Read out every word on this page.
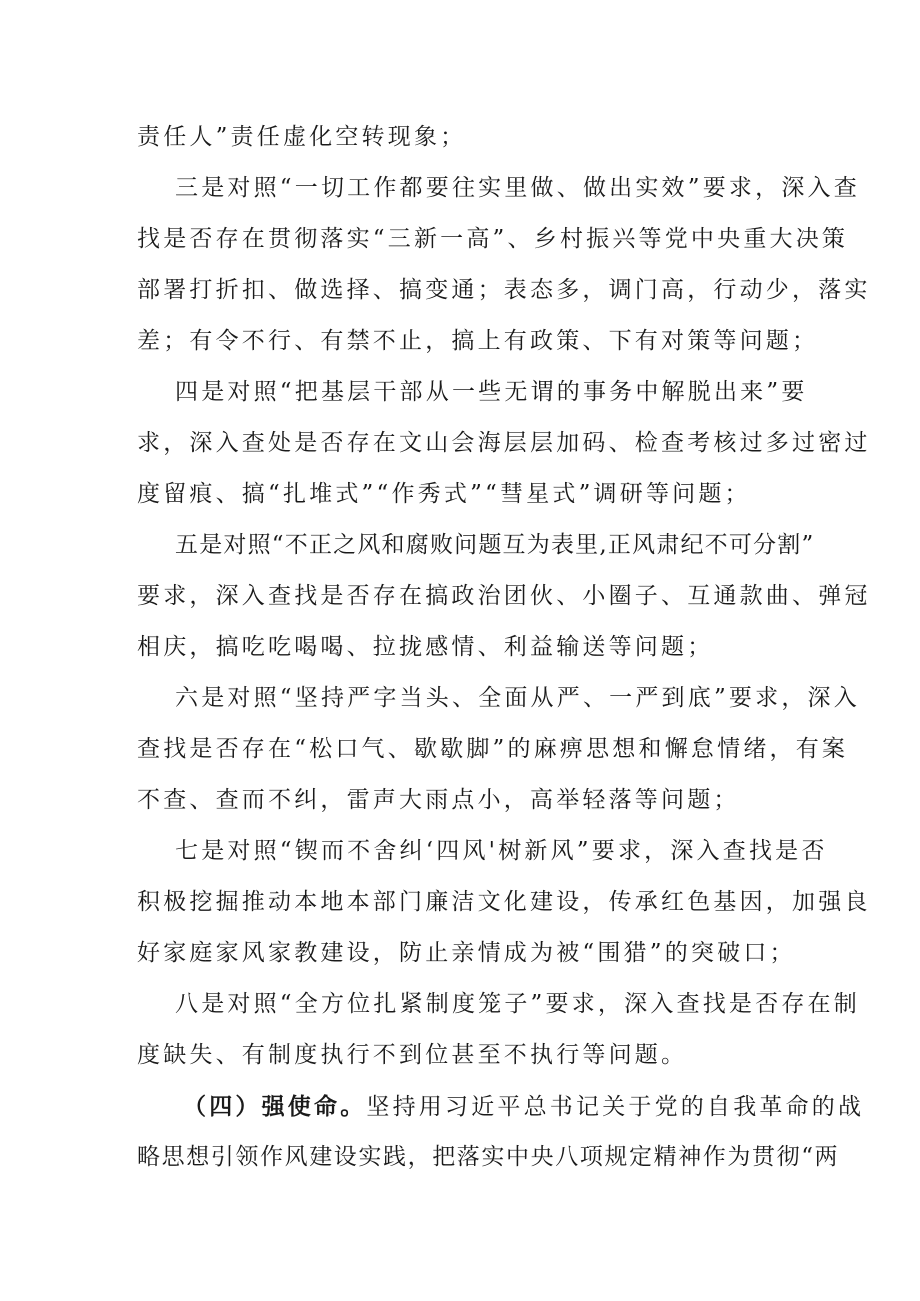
责任人”责任虚化空转现象；
三是对照“一切工作都要往实里做、做出实效”要求，深入查
找是否存在贯彻落实“三新一高”、乡村振兴等党中央重大决策
部署打折扣、做选择、搞变通；表态多，调门高，行动少，落实
差；有令不行、有禁不止，搞上有政策、下有对策等问题；
四是对照“把基层干部从一些无谓的事务中解脱出来”要
求，深入查处是否存在文山会海层层加码、检查考核过多过密过
度留痕、搞“扎堆式”“作秀式”“彗星式”调研等问题；
五是对照“不正之风和腐败问题互为表里,正风肃纪不可分割”
要求，深入查找是否存在搞政治团伙、小圈子、互通款曲、弹冠
相庆，搞吃吃喝喝、拉拢感情、利益输送等问题；
六是对照“坚持严字当头、全面从严、一严到底”要求，深入
查找是否存在“松口气、歇歇脚”的麻痹思想和懈怠情绪，有案
不查、查而不纠，雷声大雨点小，高举轻落等问题；
七是对照“锲而不舍纠‘四风'树新风”要求，深入查找是否
积极挖掘推动本地本部门廉洁文化建设，传承红色基因，加强良
好家庭家风家教建设，防止亲情成为被“围猎”的突破口；
八是对照“全方位扎紧制度笼子”要求，深入查找是否存在制
度缺失、有制度执行不到位甚至不执行等问题。
（四）强使命。坚持用习近平总书记关于党的自我革命的战
略思想引领作风建设实践，把落实中央八项规定精神作为贯彻“两
